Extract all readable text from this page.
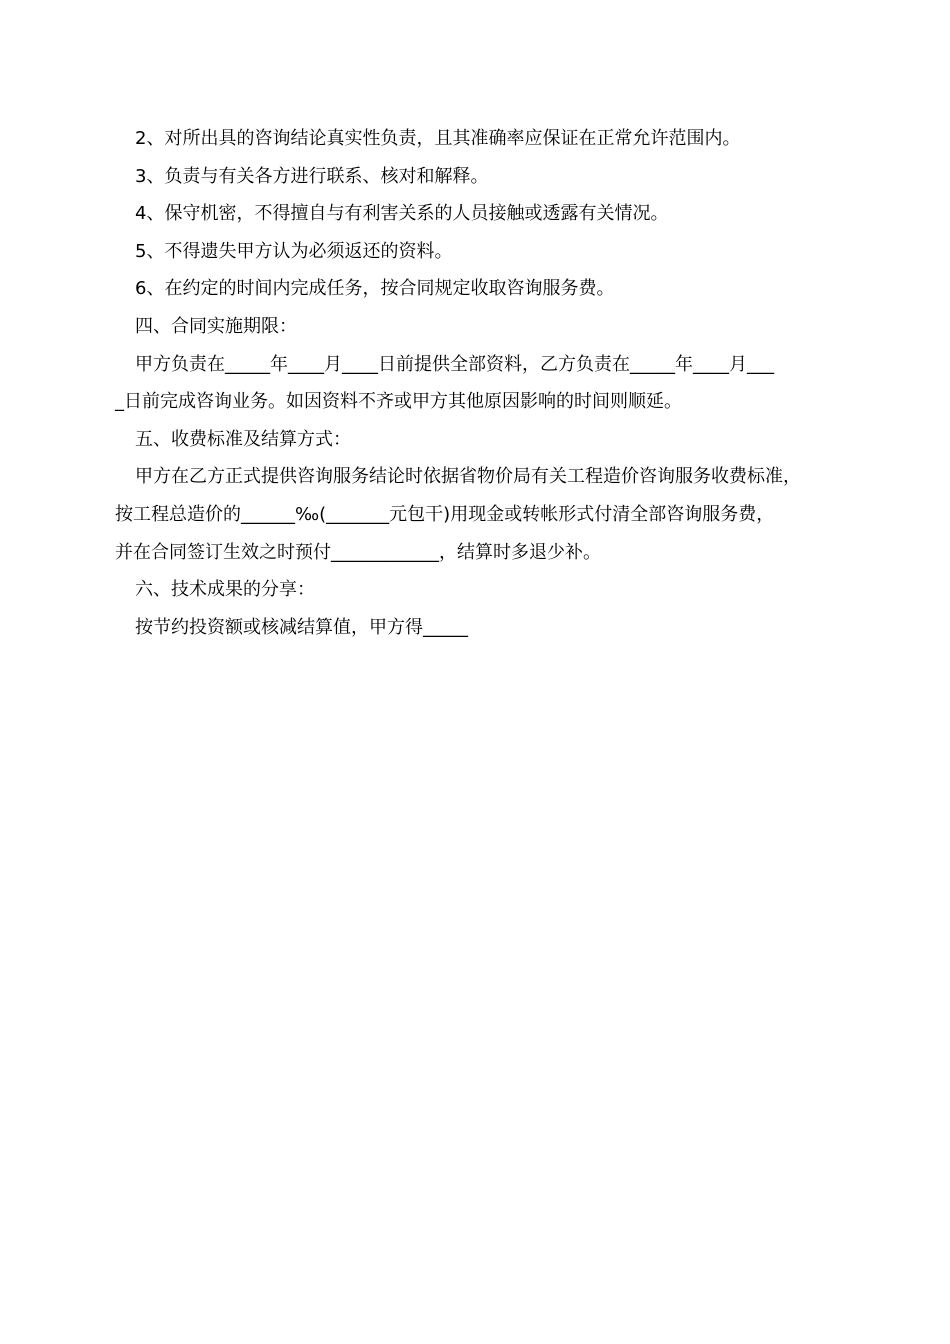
2、对所出具的咨询结论真实性负责，且其准确率应保证在正常允许范围内。
3、负责与有关各方进行联系、核对和解释。
4、保守机密，不得擅自与有利害关系的人员接触或透露有关情况。
5、不得遗失甲方认为必须返还的资料。
6、在约定的时间内完成任务，按合同规定收取咨询服务费。
四、合同实施期限：
甲方负责在_____年____月____日前提供全部资料，乙方负责在_____年____月___
_日前完成咨询业务。如因资料不齐或甲方其他原因影响的时间则顺延。
五、收费标准及结算方式：
甲方在乙方正式提供咨询服务结论时依据省物价局有关工程造价咨询服务收费标准，
按工程总造价的______‰(_______元包干)用现金或转帐形式付清全部咨询服务费，
并在合同签订生效之时预付____________，结算时多退少补。
六、技术成果的分享：
按节约投资额或核减结算值，甲方得_____
